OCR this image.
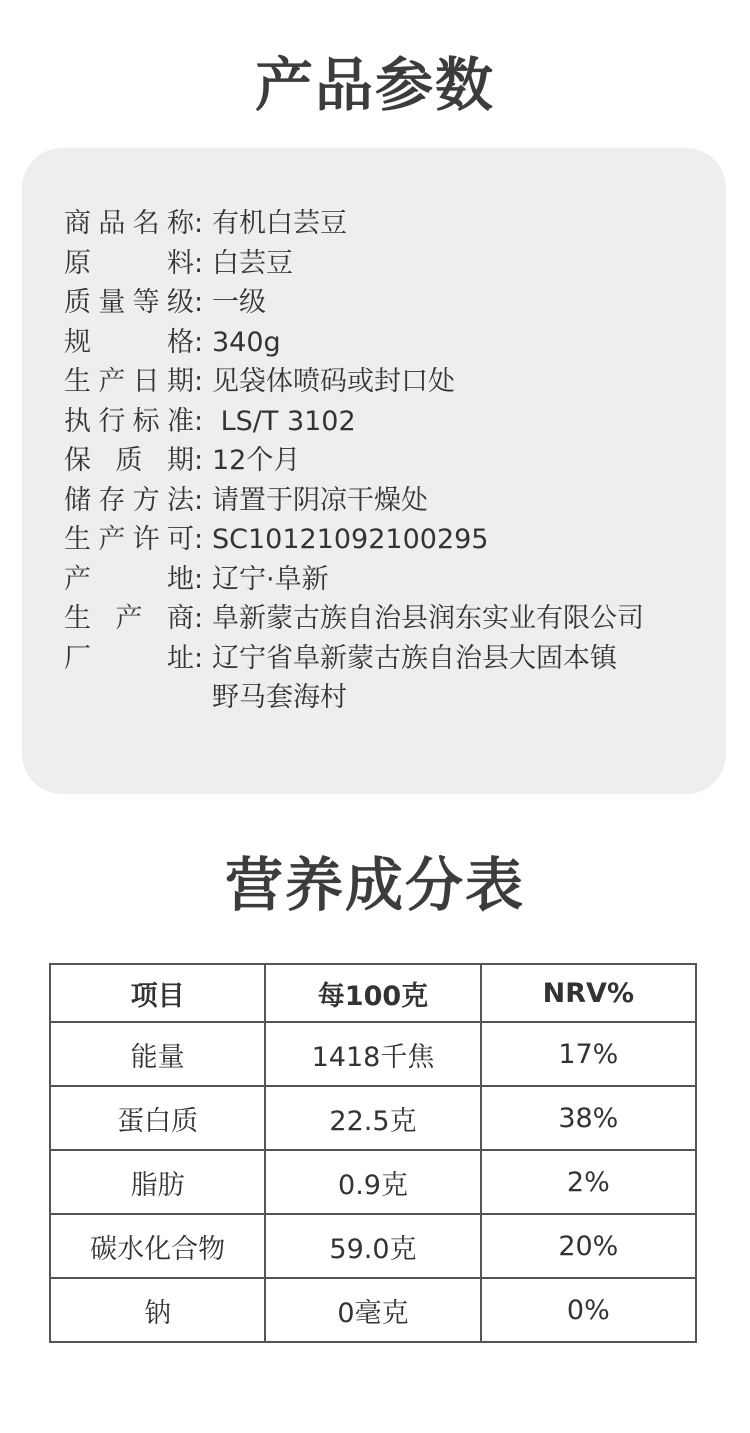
产品参数
商 品 名 称 : 有机白芸豆
原	料 : 白芸豆
质 量 等 级 : 一级
规	格 : 340g
生 产 日 期 : 见袋体喷码或封口处
执 行 标 准 : LS/T 3102
保 质 期 : 12个月
储 存 方 法 : 请置于阴凉干燥处
生 产 许 可 : SC10121092100295
产	地 : 辽宁·阜新
生 产 商 : 阜新蒙古族自治县润东实业有限公司
厂	址 : 辽宁省阜新蒙古族自治县大固本镇
野马套海村
营养成分表
项目	每100克	NRV%
能量	1418千焦	17%
蛋白质	22.5克	38%
脂肪	0.9克	2%
碳水化合物	59.0克	20%
钠	0毫克	0%
